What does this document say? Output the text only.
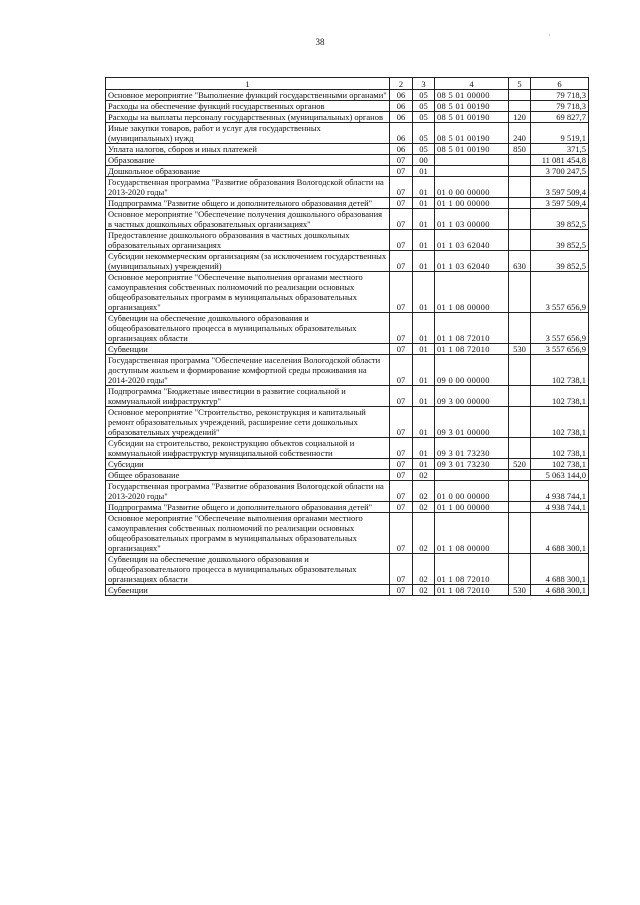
38
·
1	2	3	4	5	6
Основное мероприятие "Выполнение функций государственными органами"	06	05	08 5 01 00000		79 718,3
Расходы на обеспечение функций государственных органов	06	05	08 5 01 00190		79 718,3
Расходы на выплаты персоналу государственных (муниципальных) органов	06	05	08 5 01 00190	120	69 827,7
Иные закупки товаров, работ и услуг для государственных (муниципальных) нужд	06	05	08 5 01 00190	240	9 519,1
Уплата налогов, сборов и иных платежей	06	05	08 5 01 00190	850	371,5
Образование	07	00			11 081 454,8
Дошкольное образование	07	01			3 700 247,5
Государственная программа "Развитие образования Вологодской области на 2013-2020 годы"	07	01	01 0 00 00000		3 597 509,4
Подпрограмма "Развитие общего и дополнительного образования детей"	07	01	01 1 00 00000		3 597 509,4
Основное мероприятие "Обеспечение получения дошкольного образования в частных дошкольных образовательных организациях"	07	01	01 1 03 00000		39 852,5
Предоставление дошкольного образования в частных дошкольных образовательных организациях	07	01	01 1 03 62040		39 852,5
Субсидии некоммерческим организациям (за исключением государственных (муниципальных) учреждений)	07	01	01 1 03 62040	630	39 852,5
Основное мероприятие "Обеспечение выполнения органами местного самоуправления собственных полномочий по реализации основных общеобразовательных программ в муниципальных образовательных организациях"	07	01	01 1 08 00000		3 557 656,9
Субвенции на обеспечение дошкольного образования и общеобразовательного процесса в муниципальных образовательных организациях области	07	01	01 1 08 72010		3 557 656,9
Субвенции	07	01	01 1 08 72010	530	3 557 656,9
Государственная программа "Обеспечение населения Вологодской области доступным жильем и формирование комфортной среды проживания на 2014-2020 годы"	07	01	09 0 00 00000		102 738,1
Подпрограмма "Бюджетные инвестиции в развитие социальной и коммунальной инфраструктур"	07	01	09 3 00 00000		102 738,1
Основное мероприятие "Строительство, реконструкция и капитальный ремонт образовательных учреждений, расширение сети дошкольных образовательных учреждений"	07	01	09 3 01 00000		102 738,1
Субсидии на строительство, реконструкцию объектов социальной и коммунальной инфраструктур муниципальной собственности	07	01	09 3 01 73230		102 738,1
Субсидии	07	01	09 3 01 73230	520	102 738,1
Общее образование	07	02			5 063 144,0
Государственная программа "Развитие образования Вологодской области на 2013-2020 годы"	07	02	01 0 00 00000		4 938 744,1
Подпрограмма "Развитие общего и дополнительного образования детей"	07	02	01 1 00 00000		4 938 744,1
Основное мероприятие "Обеспечение выполнения органами местного самоуправления собственных полномочий по реализации основных общеобразовательных программ в муниципальных образовательных организациях"	07	02	01 1 08 00000		4 688 300,1
Субвенции на обеспечение дошкольного образования и общеобразовательного процесса в муниципальных образовательных организациях области	07	02	01 1 08 72010		4 688 300,1
Субвенции	07	02	01 1 08 72010	530	4 688 300,1
